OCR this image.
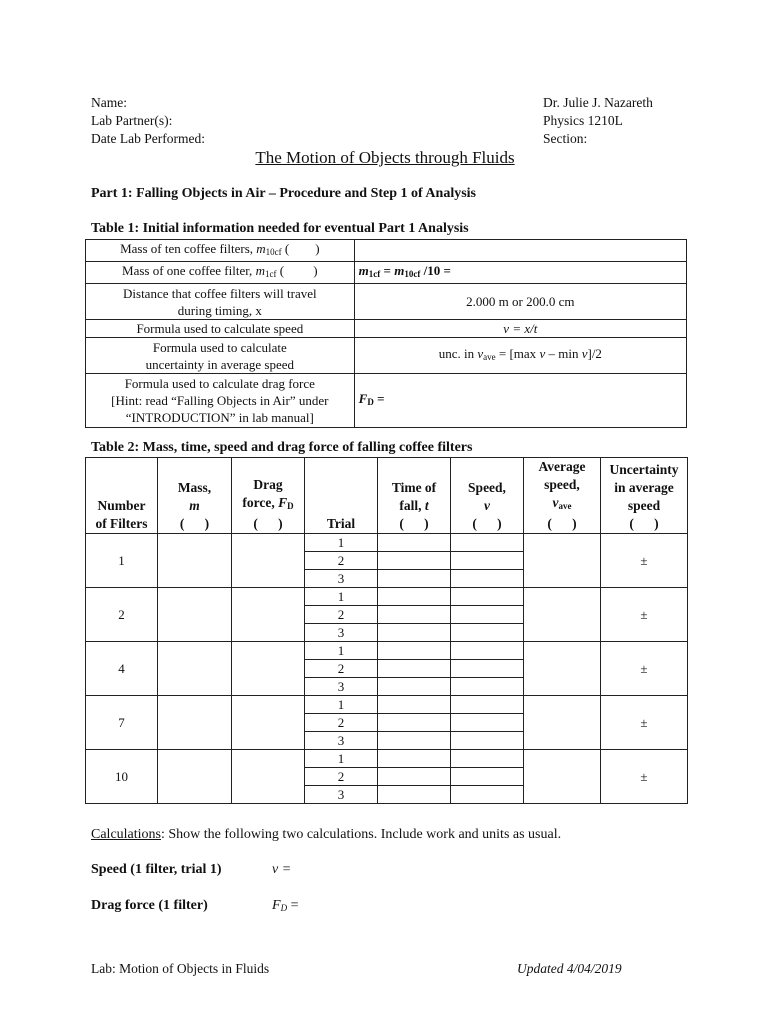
Name:
Lab Partner(s):
Date Lab Performed:
Dr. Julie J. Nazareth
Physics 1210L
Section:
The Motion of Objects through Fluids
Part 1: Falling Objects in Air – Procedure and Step 1 of Analysis
Table 1: Initial information needed for eventual Part 1 Analysis
Mass of ten coffee filters, $m_{10cf}$ (        )	
Mass of one coffee filter, $m_{1cf}$ (         )	$m_{1cf} = m_{10cf}$ /10 =
Distance that coffee filters will travel
during timing, x	2.000 m or 200.0 cm
Formula used to calculate speed	v = x/t
Formula used to calculate
uncertainty in average speed	unc. in $v_{ave} = [\max$ v – min v]/2
Formula used to calculate drag force
[Hint: read “Falling Objects in Air” under
“INTRODUCTION” in lab manual]	$F_D$ =
Table 2: Mass, time, speed and drag force of falling coffee filters
Number
of Filters	Mass,
m
(      )	Drag
force, $F_D$
(      )	Trial	Time of
fall, t
(      )	Speed,
v
(      )	Average
speed,
$v_{ave}$
(      )	Uncertainty
in average
speed
(      )
1			1				±
			2				
			3				
2			1				±
			2				
			3				
4			1				±
			2				
			3				
7			1				±
			2				
			3				
10			1				±
			2				
			3				
Calculations: Show the following two calculations. Include work and units as usual.
Speed (1 filter, trial 1)	v =
Drag force (1 filter)	$F_D$ =
Lab: Motion of Objects in Fluids	Updated 4/04/2019
